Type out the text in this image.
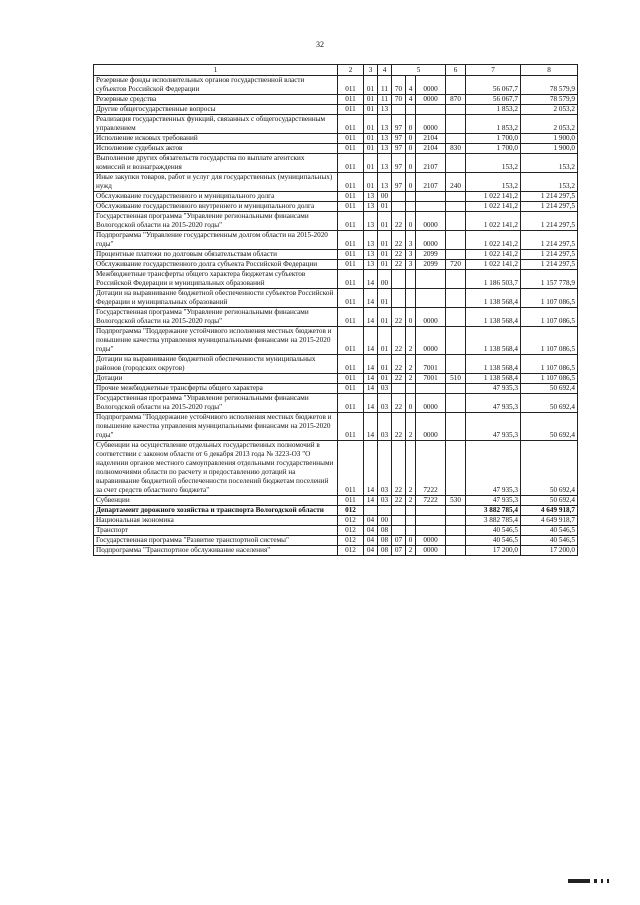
32
1	2	3	4	5			6	7	8
Резервные фонды исполнительных органов государственной власти субъектов Российской Федерации	011	01	11	70	4	0000		56 067,7	78 579,9
Резервные средства	011	01	11	70	4	0000	870	56 067,7	78 579,9
Другие общегосударственные вопросы	011	01	13					1 853,2	2 053,2
Реализация государственных функций, связанных с общегосударственным управлением	011	01	13	97	0	0000		1 853,2	2 053,2
Исполнение исковых требований	011	01	13	97	0	2104		1 700,0	1 900,0
Исполнение судебных актов	011	01	13	97	0	2104	830	1 700,0	1 900,0
Выполнение других обязательств государства по выплате агентских комиссий и вознаграждения	011	01	13	97	0	2107		153,2	153,2
Иные закупки товаров, работ и услуг для государственных (муниципальных) нужд	011	01	13	97	0	2107	240	153,2	153,2
Обслуживание государственного и муниципального долга	011	13	00					1 022 141,2	1 214 297,5
Обслуживание государственного внутреннего и муниципального долга	011	13	01					1 022 141,2	1 214 297,5
Государственная программа "Управление региональными финансами Вологодской области на 2015-2020 годы"	011	13	01	22	0	0000		1 022 141,2	1 214 297,5
Подпрограмма "Управление государственным долгом области на 2015-2020 годы"	011	13	01	22	3	0000		1 022 141,2	1 214 297,5
Процентные платежи по долговым обязательствам области	011	13	01	22	3	2099		1 022 141,2	1 214 297,5
Обслуживание государственного долга субъекта Российской Федерации	011	13	01	22	3	2099	720	1 022 141,2	1 214 297,5
Межбюджетные трансферты общего характера бюджетам субъектов Российской Федерации и муниципальных образований	011	14	00					1 186 503,7	1 157 778,9
Дотации на выравнивание бюджетной обеспеченности субъектов Российской Федерации и муниципальных образований	011	14	01					1 138 568,4	1 107 086,5
Государственная программа "Управление региональными финансами Вологодской области на 2015-2020 годы"	011	14	01	22	0	0000		1 138 568,4	1 107 086,5
Подпрограмма "Поддержание устойчивого исполнения местных бюджетов и повышение качества управления муниципальными финансами на 2015-2020 годы"	011	14	01	22	2	0000		1 138 568,4	1 107 086,5
Дотации на выравнивание бюджетной обеспеченности муниципальных районов (городских округов)	011	14	01	22	2	7001		1 138 568,4	1 107 086,5
Дотации	011	14	01	22	2	7001	510	1 138 568,4	1 107 086,5
Прочие межбюджетные трансферты общего характера	011	14	03					47 935,3	50 692,4
Государственная программа "Управление региональными финансами Вологодской области на 2015-2020 годы"	011	14	03	22	0	0000		47 935,3	50 692,4
Подпрограмма "Поддержание устойчивого исполнения местных бюджетов и повышение качества управления муниципальными финансами на 2015-2020 годы"	011	14	03	22	2	0000		47 935,3	50 692,4
Субвенции на осуществление отдельных государственных полномочий в соответствии с законом области от 6 декабря 2013 года № 3223-ОЗ "О наделении органов местного самоуправления отдельными государственными полномочиями области по расчету и предоставлению дотаций на выравнивание бюджетной обеспеченности поселений бюджетам поселений за счет средств областного бюджета"	011	14	03	22	2	7222		47 935,3	50 692,4
Субвенции	011	14	03	22	2	7222	530	47 935,3	50 692,4
Департамент дорожного хозяйства и транспорта Вологодской области	012							3 882 785,4	4 649 918,7
Национальная экономика	012	04	00					3 882 785,4	4 649 918,7
Транспорт	012	04	08					40 546,5	40 546,5
Государственная программа "Развитие транспортной системы"	012	04	08	07	0	0000		40 546,5	40 546,5
Подпрограмма "Транспортное обслуживание населения"	012	04	08	07	2	0000		17 200,0	17 200,0
